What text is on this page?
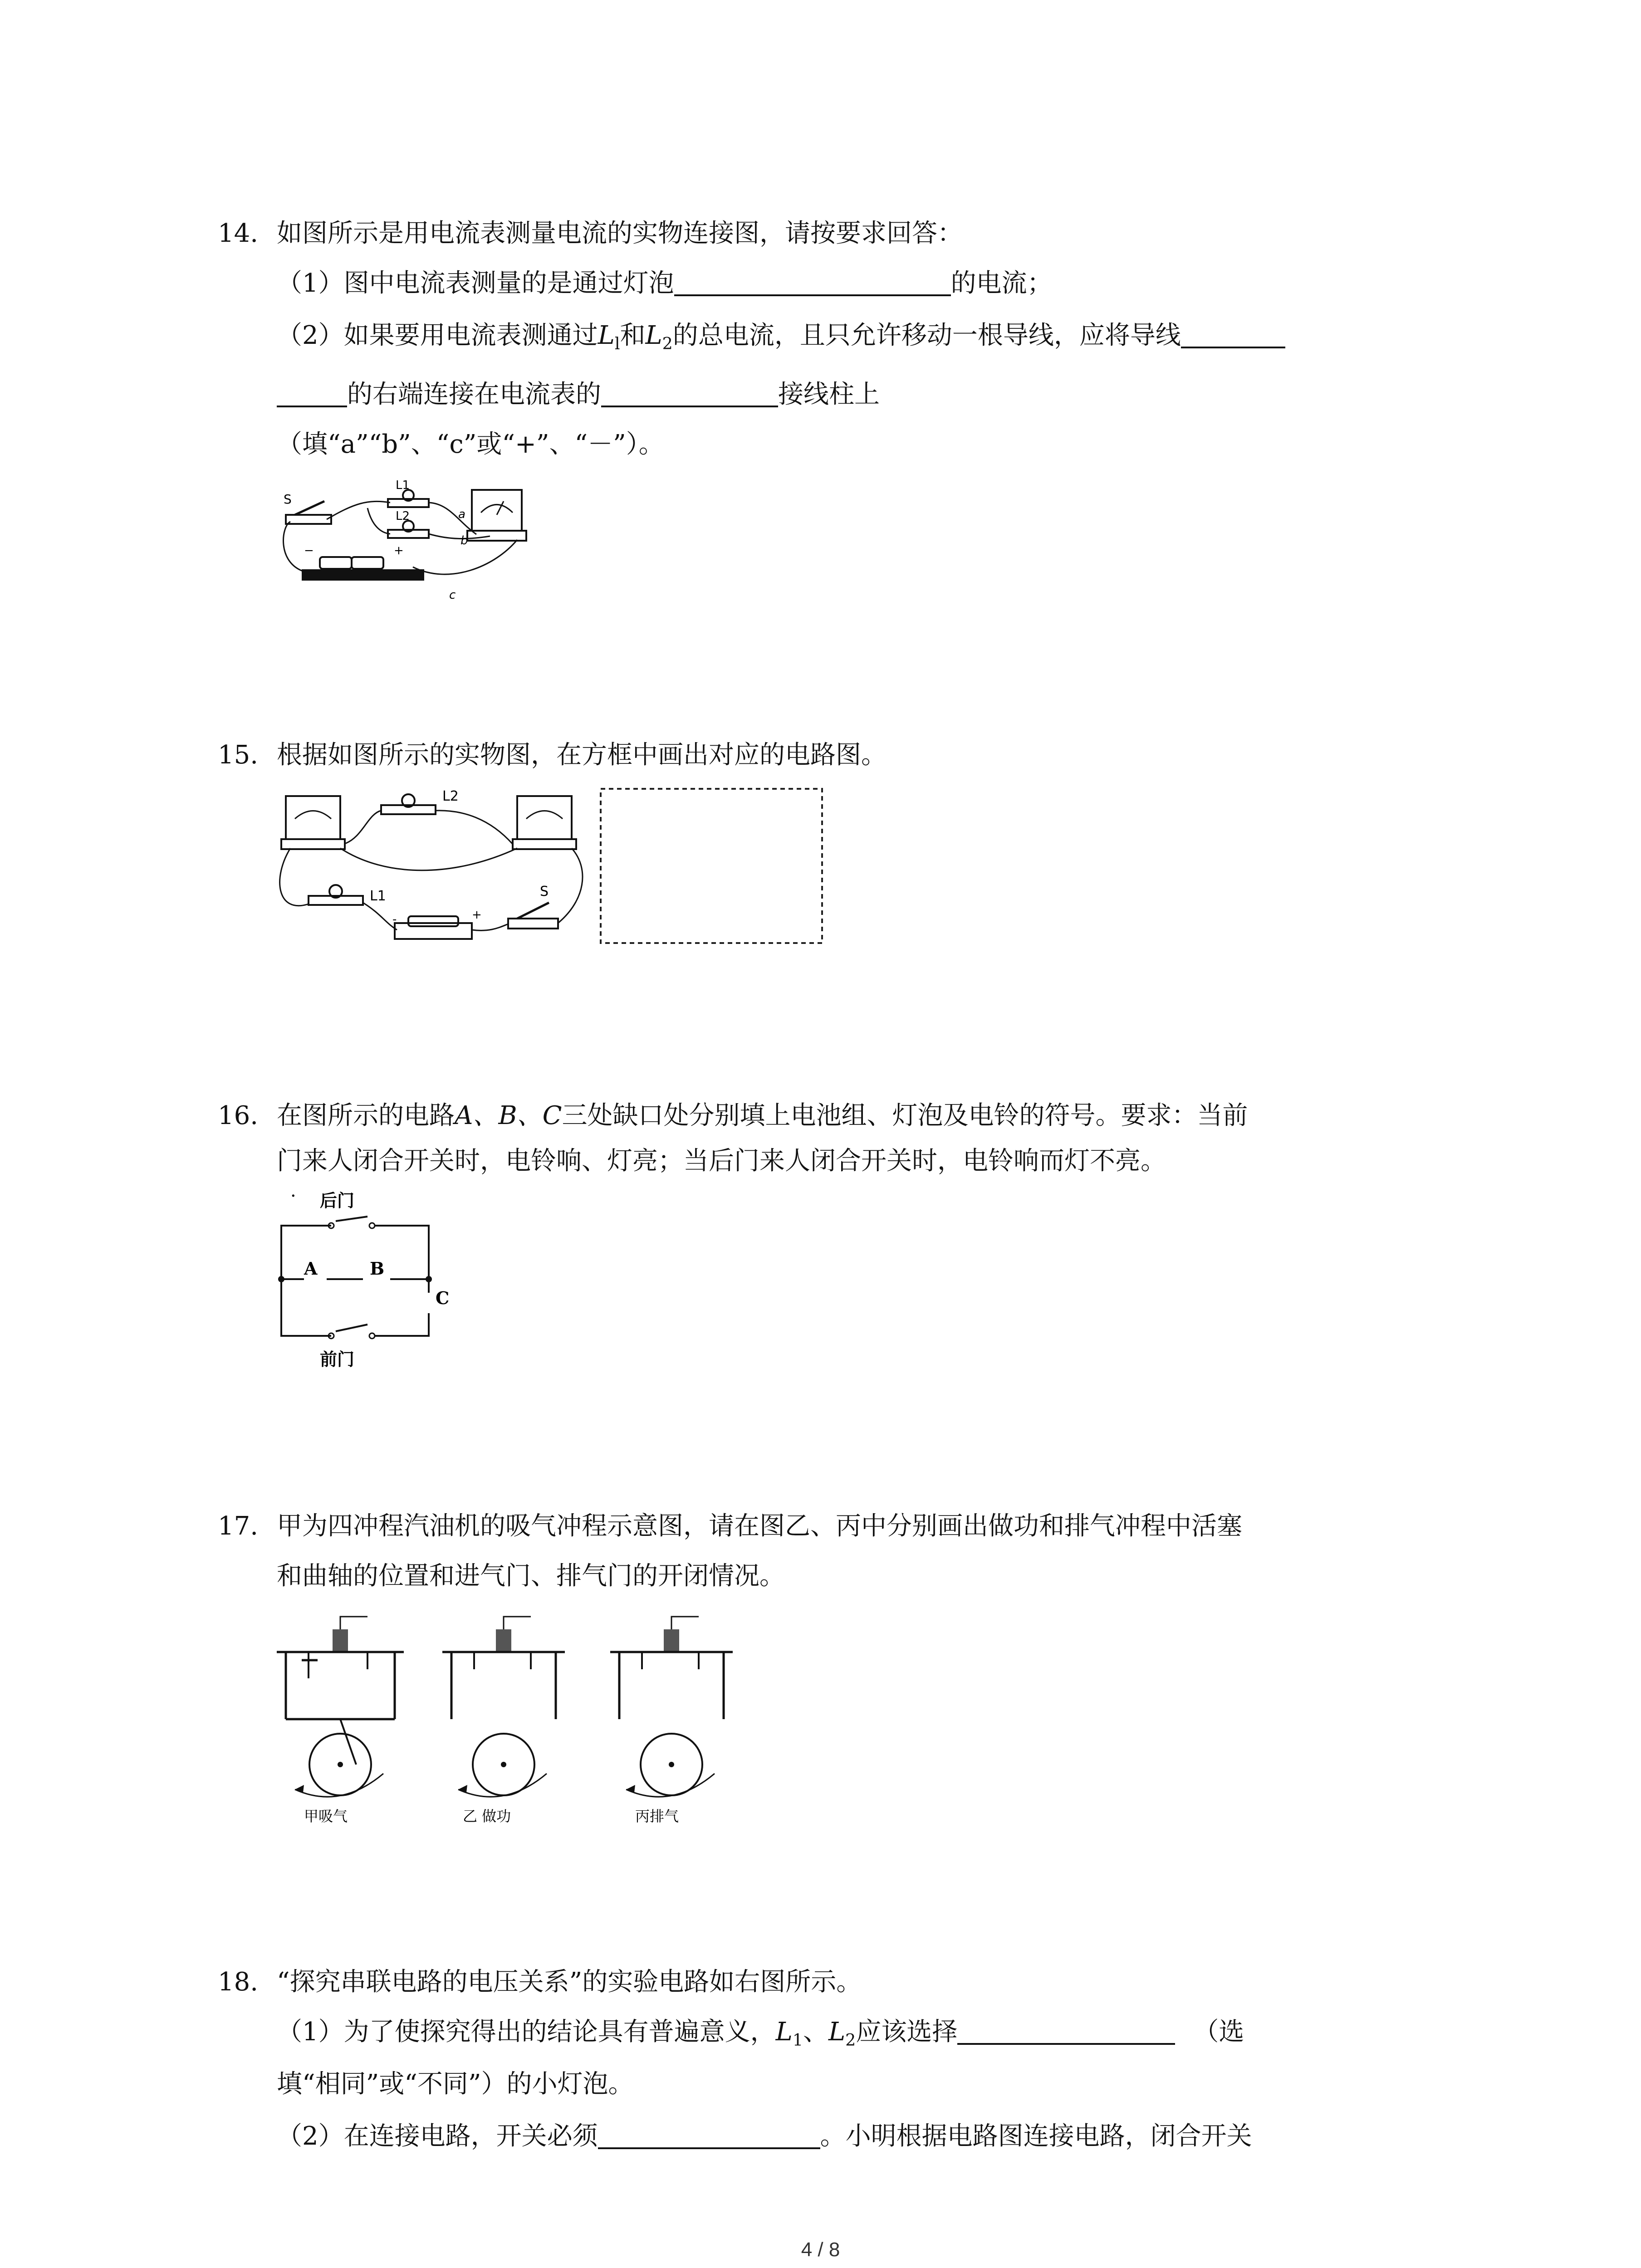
14. 如图所示是用电流表测量电流的实物连接图，请按要求回答：
（1）图中电流表测量的是通过灯泡	的电流；
（2）如果要用电流表测通过$L_l$和$L_2$的总电流，且只允许移动一根导线，应将导线
的右端连接在电流表的	接线柱上
（填“a”“b”、“c”或“+”、“－”）。
−	+
S
L1
L2	a
b
c
15. 根据如图所示的实物图，在方框中画出对应的电路图。
L2
L1
-	+
S
16. 在图所示的电路A、B、C三处缺口处分别填上电池组、灯泡及电铃的符号。要求：当前
门来人闭合开关时，电铃响、灯亮；当后门来人闭合开关时，电铃响而灯不亮。
· 后门
A	B
C
前门
17. 甲为四冲程汽油机的吸气冲程示意图，请在图乙、丙中分别画出做功和排气冲程中活塞
和曲轴的位置和进气门、排气门的开闭情况。
甲吸气	乙 做功	丙排气
18. “探究串联电路的电压关系”的实验电路如右图所示。
（1）为了使探究得出的结论具有普遍意义，$L_1$、$L_2$应该选择	（选
填“相同”或“不同”）的小灯泡。
（2）在连接电路，开关必须	。小明根据电路图连接电路，闭合开关
4 / 8
